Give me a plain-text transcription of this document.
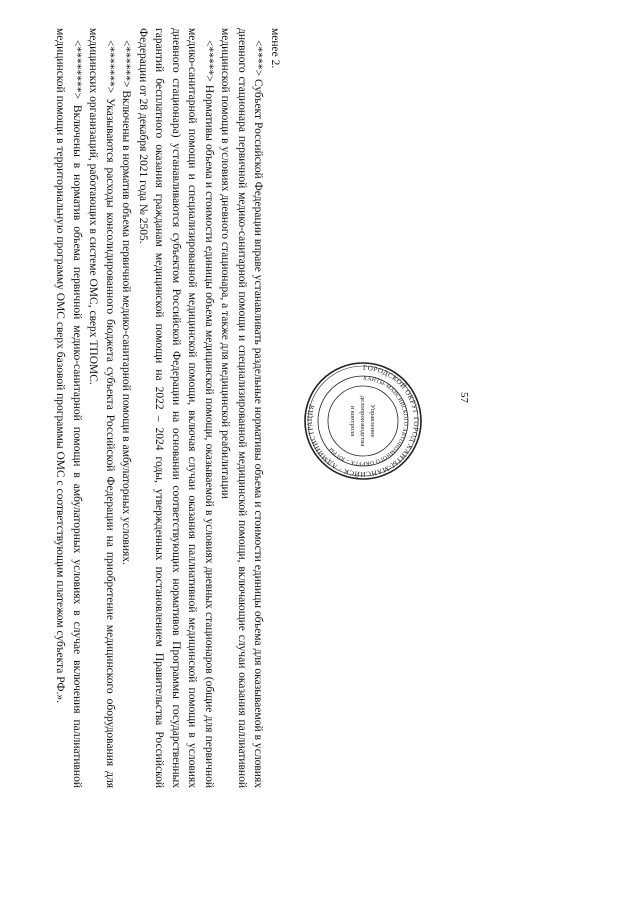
57

менее 2.

<****> Субъект Российской Федерации вправе устанавливать раздельные нормативы объема и стоимости единицы объема для оказываемой в условиях дневного стационара первичной медико-санитарной помощи и специализированной медицинской помощи, включающие случаи оказания паллиативной медицинской помощи в условиях дневного стационара, а также для медицинской реабилитации

<*****> Нормативы объема и стоимости единицы объема медицинской помощи, оказываемой в условиях дневных стационаров (общие для первичной медико-санитарной помощи и специализированной медицинской помощи, включая случаи оказания паллиативной медицинской помощи в условиях дневного стационара) устанавливаются субъектом Российской Федерации на основании соответствующих нормативов Программы государственных гарантий бесплатного оказания гражданам медицинской помощи на 2022 – 2024 годы, утвержденных постановлением Правительства Российской Федерации от 28 декабря 2021 года № 2505.

<******> Включены в норматив объема первичной медико-санитарной помощи в амбулаторных условиях.

<*******> Указываются расходы консолидированного бюджета субъекта Российской Федерации на приобретение медицинского оборудования для медицинских организаций, работающих в системе ОМС, сверх ТПОМС.

<********> Включены в норматив объема первичной медико-санитарной помощи в амбулаторных условиях в случае включения паллиативной медицинской помощи в территориальную программу ОМС сверх базовой программы ОМС с соответствующим платежом субъекта РФ.».	ГОРОДСКОЙ ОКРУГ ГОРОД ХАНТЫ-МАНСИЙСК · АДМИНИСТРАЦИЯ ·
ХАНТЫ-МАНСИЙСКОГО АВТОНОМНОГО ОКРУГА – ЮГРЫ
Управление
делопроизводства
и контроля
